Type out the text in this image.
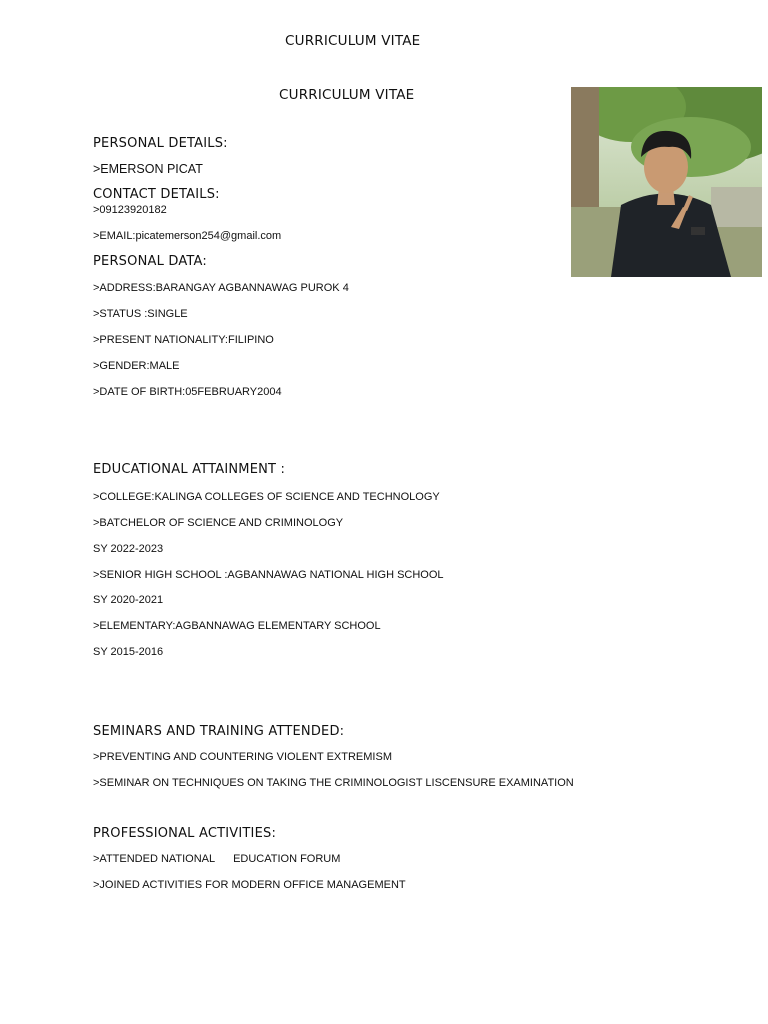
CURRICULUM VITAE
CURRICULUM VITAE
PERSONAL DETAILS:
>EMERSON PICAT
CONTACT DETAILS:
>09123920182
>EMAIL:picatemerson254@gmail.com
PERSONAL DATA:
>ADDRESS:BARANGAY AGBANNAWAG PUROK 4
>STATUS :SINGLE
>PRESENT NATIONALITY:FILIPINO
>GENDER:MALE
>DATE OF BIRTH:05FEBRUARY2004
EDUCATIONAL ATTAINMENT :
>COLLEGE:KALINGA COLLEGES OF SCIENCE AND TECHNOLOGY
>BATCHELOR OF SCIENCE AND CRIMINOLOGY
SY 2022-2023
>SENIOR HIGH SCHOOL :AGBANNAWAG NATIONAL HIGH SCHOOL
SY 2020-2021
>ELEMENTARY:AGBANNAWAG ELEMENTARY SCHOOL
SY 2015-2016
SEMINARS AND TRAINING ATTENDED:
>PREVENTING AND COUNTERING VIOLENT EXTREMISM
>SEMINAR ON TECHNIQUES ON TAKING THE CRIMINOLOGIST LISCENSURE EXAMINATION
PROFESSIONAL ACTIVITIES:
>ATTENDED NATIONAL      EDUCATION FORUM
>JOINED ACTIVITIES FOR MODERN OFFICE MANAGEMENT
